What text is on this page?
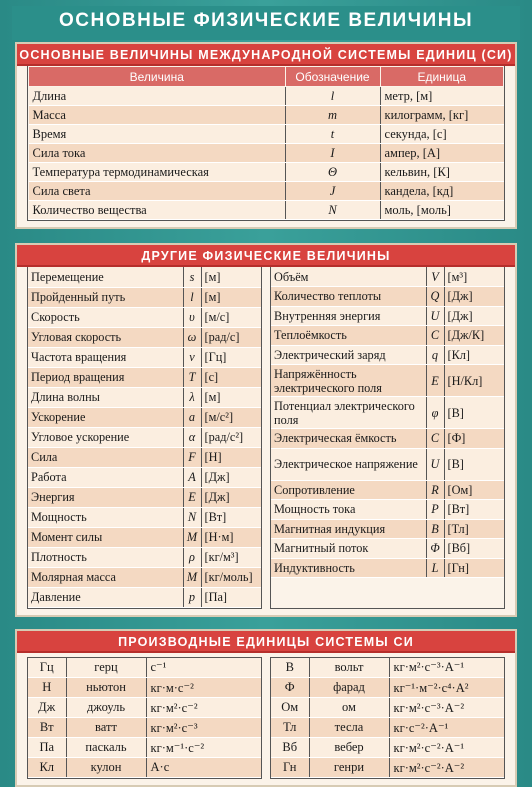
ОСНОВНЫЕ ФИЗИЧЕСКИЕ ВЕЛИЧИНЫ
ОСНОВНЫЕ ВЕЛИЧИНЫ МЕЖДУНАРОДНОЙ СИСТЕМЫ ЕДИНИЦ (СИ)
Величина	Обозначение	Единица
Длина	l	метр, [м]
Масса	m	килограмм, [кг]
Время	t	секунда, [с]
Сила тока	I	ампер, [А]
Температура термодинамическая	Θ	кельвин, [К]
Сила света	J	кандела, [кд]
Количество вещества	N	моль, [моль]
ДРУГИЕ ФИЗИЧЕСКИЕ ВЕЛИЧИНЫ
Перемещение	s	[м]
Пройденный путь	l	[м]
Скорость	υ	[м/с]
Угловая скорость	ω	[рад/с]
Частота вращения	ν	[Гц]
Период вращения	T	[с]
Длина волны	λ	[м]
Ускорение	a	[м/с²]
Угловое ускорение	α	[рад/с²]
Сила	F	[Н]
Работа	A	[Дж]
Энергия	E	[Дж]
Мощность	N	[Вт]
Момент силы	M	[Н·м]
Плотность	ρ	[кг/м³]
Молярная масса	M	[кг/моль]
Давление	p	[Па]
Объём	V	[м³]
Количество теплоты	Q	[Дж]
Внутренняя энергия	U	[Дж]
Теплоёмкость	C	[Дж/К]
Электрический заряд	q	[Кл]
Напряжённость электрического поля	E	[Н/Кл]
Потенциал электрического поля	φ	[В]
Электрическая ёмкость	C	[Ф]
Электрическое напряжение	U	[В]
Сопротивление	R	[Ом]
Мощность тока	P	[Вт]
Магнитная индукция	B	[Тл]
Магнитный поток	Φ	[Вб]
Индуктивность	L	[Гн]
ПРОИЗВОДНЫЕ ЕДИНИЦЫ СИСТЕМЫ СИ
Гц	герц	с⁻¹
Н	ньютон	кг·м·с⁻²
Дж	джоуль	кг·м²·с⁻²
Вт	ватт	кг·м²·с⁻³
Па	паскаль	кг·м⁻¹·с⁻²
Кл	кулон	А·с
В	вольт	кг·м²·с⁻³·А⁻¹
Ф	фарад	кг⁻¹·м⁻²·с⁴·А²
Ом	ом	кг·м²·с⁻³·А⁻²
Тл	тесла	кг·с⁻²·А⁻¹
Вб	вебер	кг·м²·с⁻²·А⁻¹
Гн	генри	кг·м²·с⁻²·А⁻²
